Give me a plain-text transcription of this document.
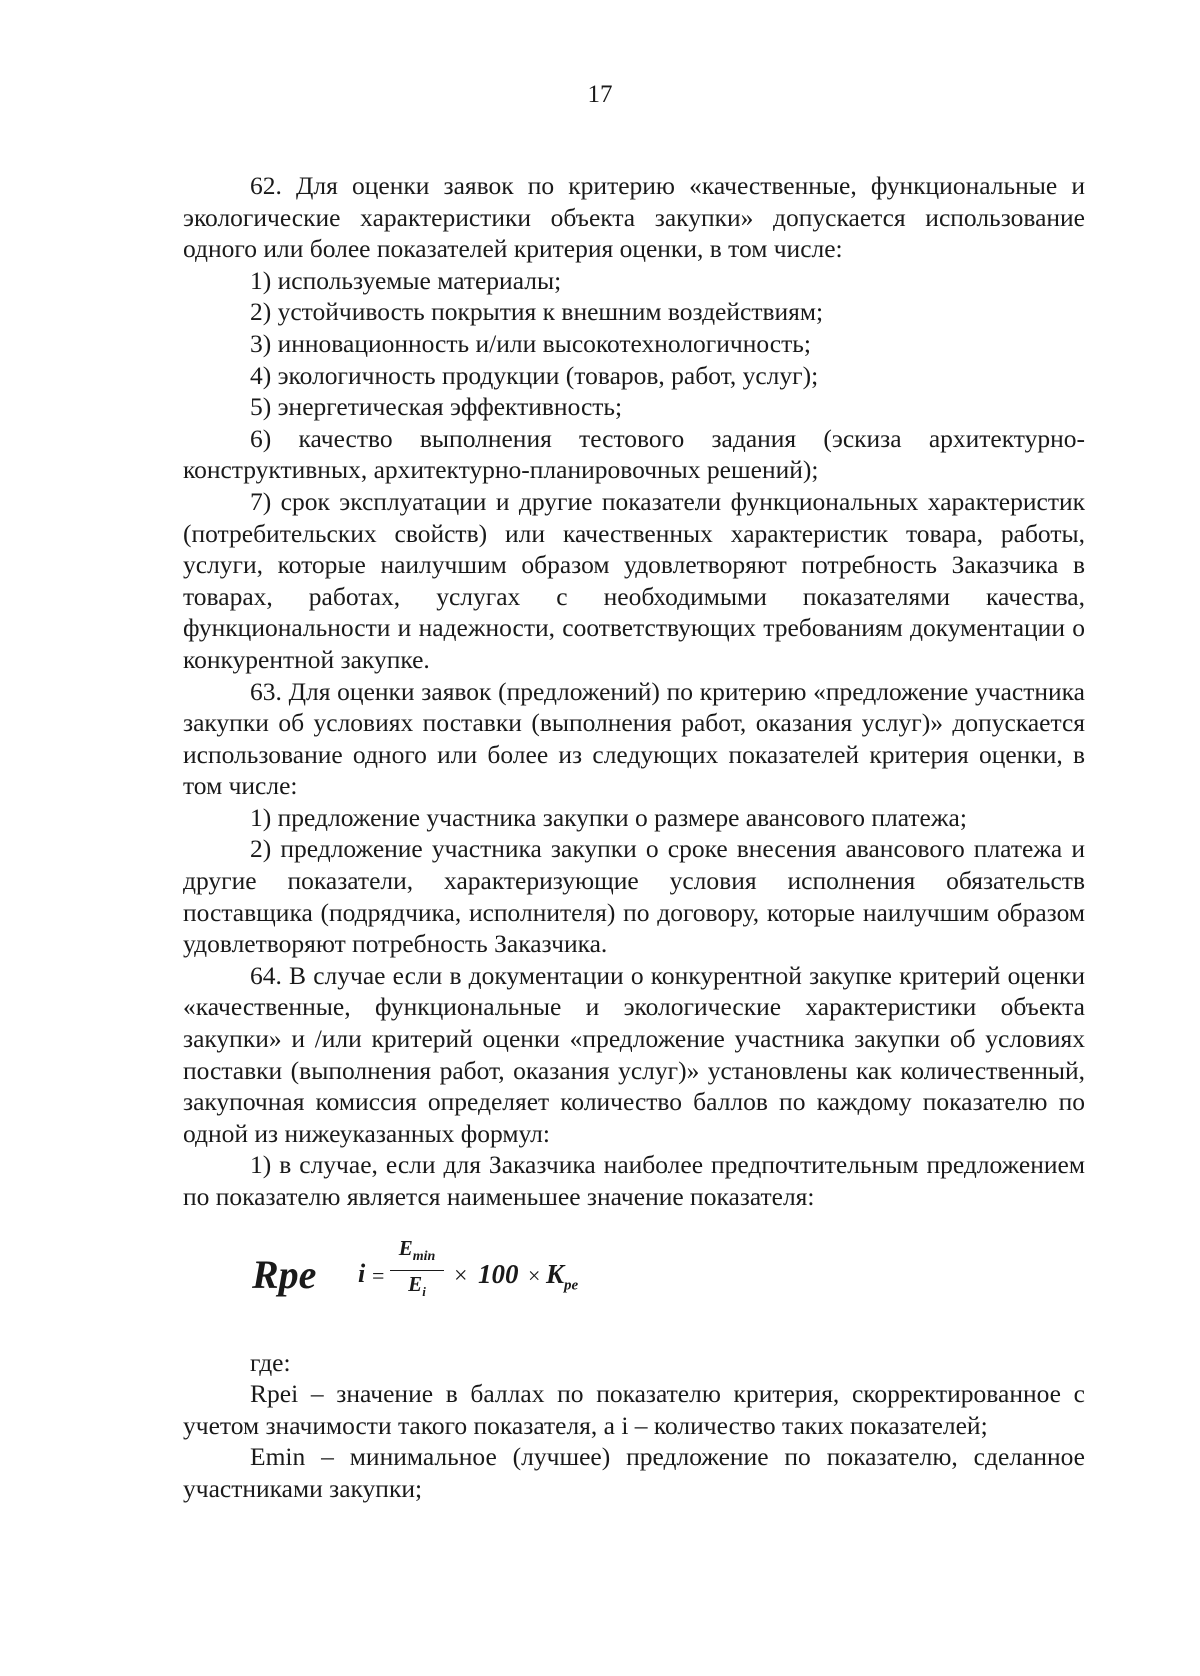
17

62. Для оценки заявок по критерию «качественные, функциональные и экологические характеристики объекта закупки» допускается использование одного или более показателей критерия оценки, в том числе:

1) используемые материалы;

2) устойчивость покрытия к внешним воздействиям;

3) инновационность и/или высокотехнологичность;

4) экологичность продукции (товаров, работ, услуг);

5) энергетическая эффективность;

6) качество выполнения тестового задания (эскиза архитектурно-конструктивных, архитектурно-планировочных решений);

7) срок эксплуатации и другие показатели функциональных характеристик (потребительских свойств) или качественных характеристик товара, работы, услуги, которые наилучшим образом удовлетворяют потребность Заказчика в товарах, работах, услугах с необходимыми показателями качества, функциональности и надежности, соответствующих требованиям документации о конкурентной закупке.

63. Для оценки заявок (предложений) по критерию «предложение участника закупки об условиях поставки (выполнения работ, оказания услуг)» допускается использование одного или более из следующих показателей критерия оценки, в том числе:

1) предложение участника закупки о размере авансового платежа;

2) предложение участника закупки о сроке внесения авансового платежа и другие показатели, характеризующие условия исполнения обязательств поставщика (подрядчика, исполнителя) по договору, которые наилучшим образом удовлетворяют потребность Заказчика.

64. В случае если в документации о конкурентной закупке критерий оценки «качественные, функциональные и экологические характеристики объекта закупки» и /или критерий оценки «предложение участника закупки об условиях поставки (выполнения работ, оказания услуг)» установлены как количественный, закупочная комиссия определяет количество баллов по каждому показателю по одной из нижеуказанных формул:

1) в случае, если для Заказчика наиболее предпочтительным предложением по показателю является наименьшее значение показателя:

Rpe i =
$E_{min}$
$E_i$
× $100 \times K_{pe}$

где:

Rpei – значение в баллах по показателю критерия, скорректированное с учетом значимости такого показателя, а i – количество таких показателей;

Emin – минимальное (лучшее) предложение по показателю, сделанное участниками закупки;
